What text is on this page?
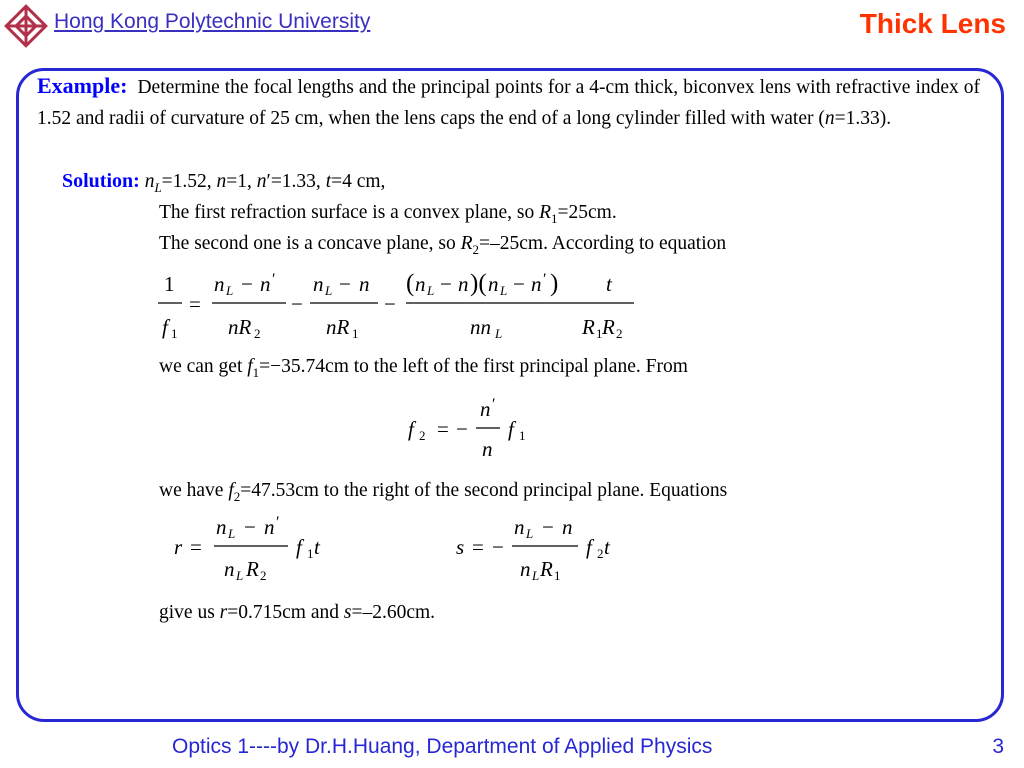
Hong Kong Polytechnic University	Thick Lens
Example: Determine the focal lengths and the principal points for a 4-cm thick, biconvex lens with refractive index of 1.52 and radii of curvature of 25 cm, when the lens caps the end of a long cylinder filled with water (n=1.33).
Solution: $n_L=1.52$, n=1, n′=1.33, t=4 cm,
The first refraction surface is a convex plane, so $R_1=25cm$.
The second one is a concave plane, so $R_2=-25cm$. According to equation
1
f 1
=
n L − n ′
nR 2
−
n L − n
nR 1
−
( n L − n )( n L − n ′ ) t
nn L	R 1 R 2
we can get $f_1=-35.74cm$ to the left of the first principal plane. From
f 2 = −
n ′
n
f 1
we have $f_2=47.53cm$ to the right of the second principal plane. Equations
r =
n L − n ′
n L R 2
f 1 t	s = −
n L − n
n L R 1
f 2 t
give us r=0.715cm and s=–2.60cm.
Optics 1----by Dr.H.Huang, Department of Applied Physics	3
